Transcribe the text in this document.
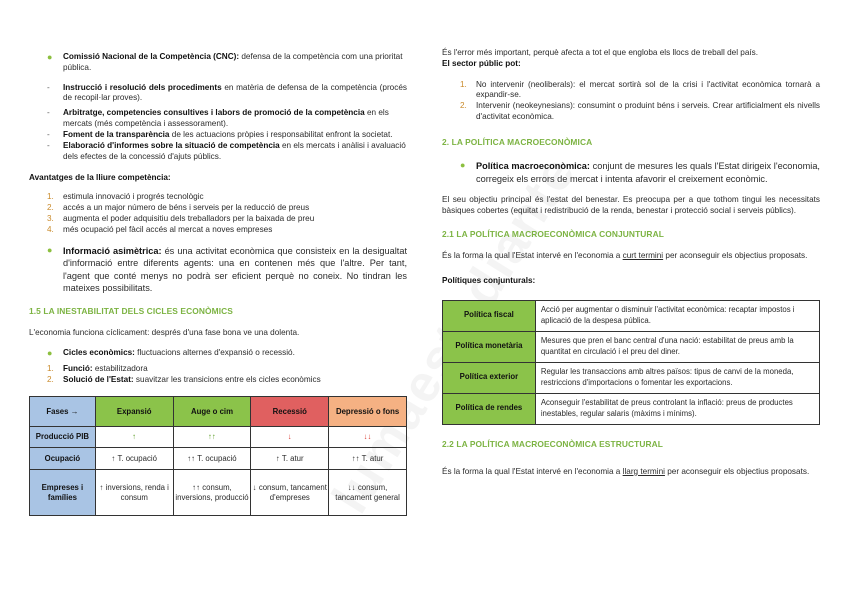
●	Comissió Nacional de la Competència (CNC): defensa de la competència com una prioritat pública.
-	Instrucció i resolució dels procediments en matèria de defensa de la competència (procés de recopil·lar proves).
-	Arbitratge, competencies consultives i labors de promoció de la competència en els mercats (més competència i assessorament).
-	Foment de la transparència de les actuacions pròpies i responsabilitat enfront la societat.
-	Elaboració d'informes sobre la situació de competència en els mercats i anàlisi i avaluació dels efectes de la concessió d'ajuts públics.
Avantatges de la lliure competència:
1.	estimula innovació i progrés tecnològic
2.	accés a un major número de béns i serveis per la reducció de preus
3.	augmenta el poder adquisitiu dels treballadors per la baixada de preu
4.	més ocupació pel fàcil accés al mercat a noves empreses
●	Informació asimètrica: és una activitat econòmica que consisteix en la desigualtat d'informació entre diferents agents: una en contenen més que l'altre. Per tant, l'agent que conté menys no podrà ser eficient perquè no coneix. No tindran les mateixes possibilitats.
1.5 LA INESTABILITAT DELS CICLES ECONÒMICS
L'economia funciona cíclicament: després d'una fase bona ve una dolenta.
●	Cicles econòmics: fluctuacions alternes d'expansió o recessió.
1.	Funció: estabilitzadora
2.	Solució de l'Estat: suavitzar les transicions entre els cicles econòmics
Fases →	Expansió	Auge o cim	Recessió	Depressió o fons
Producció PIB	↑	↑↑	↓	↓↓
Ocupació	↑ T. ocupació	↑↑ T. ocupació	↑ T. atur	↑↑ T. atur
Empreses i famílies	↑ inversions, renda i consum	↑↑ consum, inversions, producció	↓ consum, tancament d'empreses	↓↓ consum, tancament general
És l'error més important, perquè afecta a tot el que engloba els llocs de treball del país.
El sector públic pot:
1.	No intervenir (neoliberals): el mercat sortirà sol de la crisi i l'activitat econòmica tornarà a expandir-se.
2.	Intervenir (neokeynesians): consumint o produint béns i serveis. Crear artificialment els nivells d'activitat econòmica.
2. LA POLÍTICA MACROECONÒMICA
●	Política macroeconòmica: conjunt de mesures les quals l'Estat dirigeix l'economia, corregeix els errors de mercat i intenta afavorir el creixement econòmic.
El seu objectiu principal és l'estat del benestar. Es preocupa per a que tothom tingui les necessitats bàsiques cobertes (equitat i redistribució de la renda, benestar i protecció social i serveis públics).
2.1 LA POLÍTICA MACROECONÒMICA CONJUNTURAL
És la forma la qual l'Estat intervé en l'economia a curt termini per aconseguir els objectius proposats.
Polítiques conjunturals:
Política fiscal	Acció per augmentar o disminuir l'activitat econòmica: recaptar impostos i aplicació de la despesa pública.
Política monetària	Mesures que pren el banc central d'una nació: estabilitat de preus amb la quantitat en circulació i el preu del diner.
Política exterior	Regular les transaccions amb altres països: tipus de canvi de la moneda, restriccions d'importacions o fomentar les exportacions.
Política de rendes	Aconseguir l'estabilitat de preus controlant la inflació: preus de productes inestables, regular salaris (màxims i mínims).
2.2 LA POLÍTICA MACROECONÒMICA ESTRUCTURAL
És la forma la qual l'Estat intervé en l'economia a llarg termini per aconseguir els objectius proposats.
